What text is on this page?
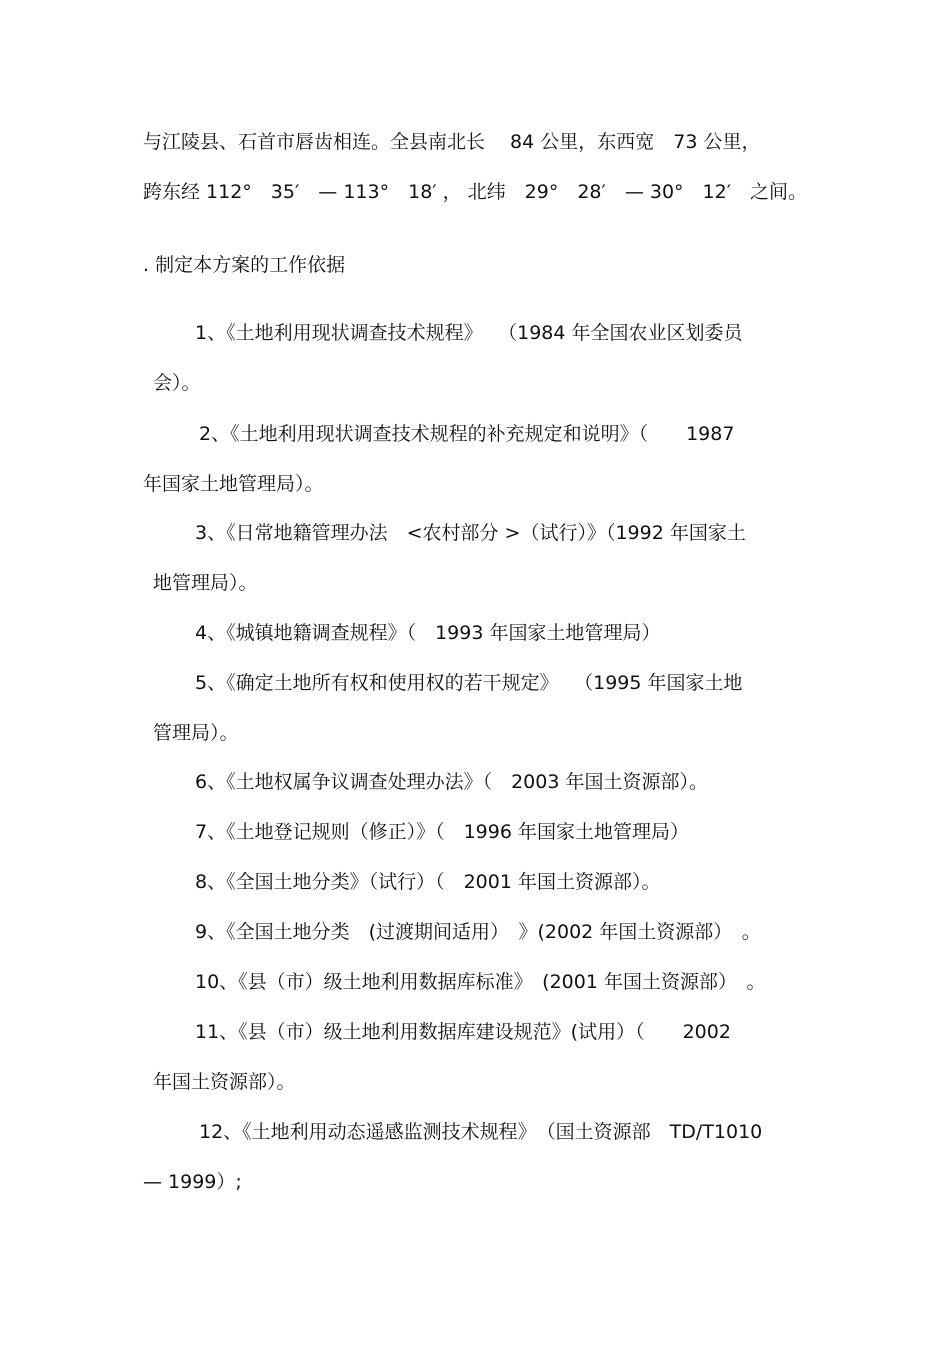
与江陵县、石首市唇齿相连。全县南北长　 84 公里，东西宽　73 公里，
跨东经 112°　35′　— 113°　18′ ， 北纬　29°　28′　— 30°　12′　之间。
. 制定本方案的工作依据
1、《土地利用现状调查技术规程》　 （1984 年全国农业区划委员
会）。
2、《土地利用现状调查技术规程的补充规定和说明》（　　1987
年国家土地管理局）。
3、《日常地籍管理办法　<农村部分 >（试行）》（1992 年国家土
地管理局）。
4、《城镇地籍调查规程》（　1993 年国家土地管理局）
5、《确定土地所有权和使用权的若干规定》　 （1995 年国家土地
管理局）。
6、《土地权属争议调查处理办法》（　2003 年国土资源部）。
7、《土地登记规则（修正）》（　1996 年国家土地管理局）
8、《全国土地分类》（试行）（　2001 年国土资源部）。
9、《全国土地分类　(过渡期间适用）　》(2002 年国土资源部）　。
10、《县（市）级土地利用数据库标准》　(2001 年国土资源部）　。
11、《县（市）级土地利用数据库建设规范》(试用）（　　2002
年国土资源部）。
12、《土地利用动态遥感监测技术规程》　（国土资源部　TD/T1010
— 1999）;
